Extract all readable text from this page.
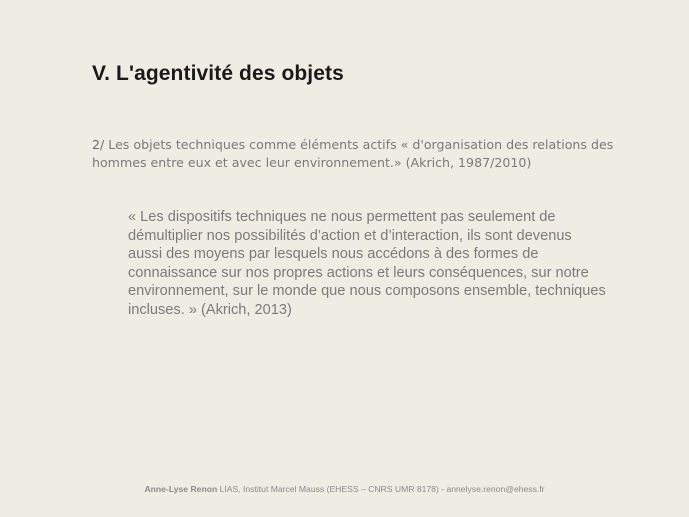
V. L'agentivité des objets
2/ Les objets techniques comme éléments actifs « d'organisation des relations des hommes entre eux et avec leur environnement.» (Akrich, 1987/2010)
« Les dispositifs techniques ne nous permettent pas seulement de démultiplier nos possibilités d’action et d’interaction, ils sont devenus aussi des moyens par lesquels nous accédons à des formes de connaissance sur nos propres actions et leurs conséquences, sur notre environnement, sur le monde que nous composons ensemble, techniques incluses. » (Akrich, 2013)
Anne-Lyse Renon LIAS, Institut Marcel Mauss (EHESS – CNRS UMR 8178) - annelyse.renon@ehess.fr
